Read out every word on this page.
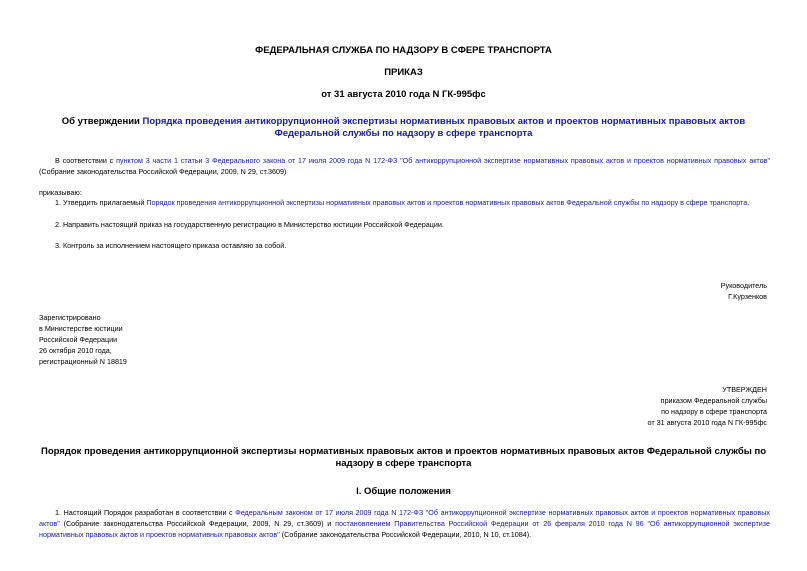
ФЕДЕРАЛЬНАЯ СЛУЖБА ПО НАДЗОРУ В СФЕРЕ ТРАНСПОРТА
ПРИКАЗ
от 31 августа 2010 года N ГК-995фс
Об утверждении Порядка проведения антикоррупционной экспертизы нормативных правовых актов и проектов нормативных правовых актов Федеральной службы по надзору в сфере транспорта
В соответствии с пунктом 3 части 1 статьи 3 Федерального закона от 17 июля 2009 года N 172-ФЗ "Об антикоррупционной экспертизе нормативных правовых актов и проектов нормативных правовых актов" (Собрание законодательства Российской Федерации, 2009, N 29, ст.3609)
приказываю:
1. Утвердить прилагаемый Порядок проведения антикоррупционной экспертизы нормативных правовых актов и проектов нормативных правовых актов Федеральной службы по надзору в сфере транспорта.
2. Направить настоящий приказ на государственную регистрацию в Министерство юстиции Российской Федерации.
3. Контроль за исполнением настоящего приказа оставляю за собой.
Руководитель
Г.Курзенков
Зарегистрировано
в Министерстве юстиции
Российской Федерации
26 октября 2010 года,
регистрационный N 18819
УТВЕРЖДЕН
приказом Федеральной службы
по надзору в сфере транспорта
от 31 августа 2010 года N ГК-995фс
Порядок проведения антикоррупционной экспертизы нормативных правовых актов и проектов нормативных правовых актов Федеральной службы по надзору в сфере транспорта
I. Общие положения
1. Настоящий Порядок разработан в соответствии с Федеральным законом от 17 июля 2009 года N 172-ФЗ "Об антикоррупционной экспертизе нормативных правовых актов и проектов нормативных правовых актов" (Собрание законодательства Российской Федерации, 2009, N 29, ст.3609) и постановлением Правительства Российской Федерации от 26 февраля 2010 года N 96 "Об антикоррупционной экспертизе нормативных правовых актов и проектов нормативных правовых актов" (Собрание законодательства Российской Федерации, 2010, N 10, ст.1084).
